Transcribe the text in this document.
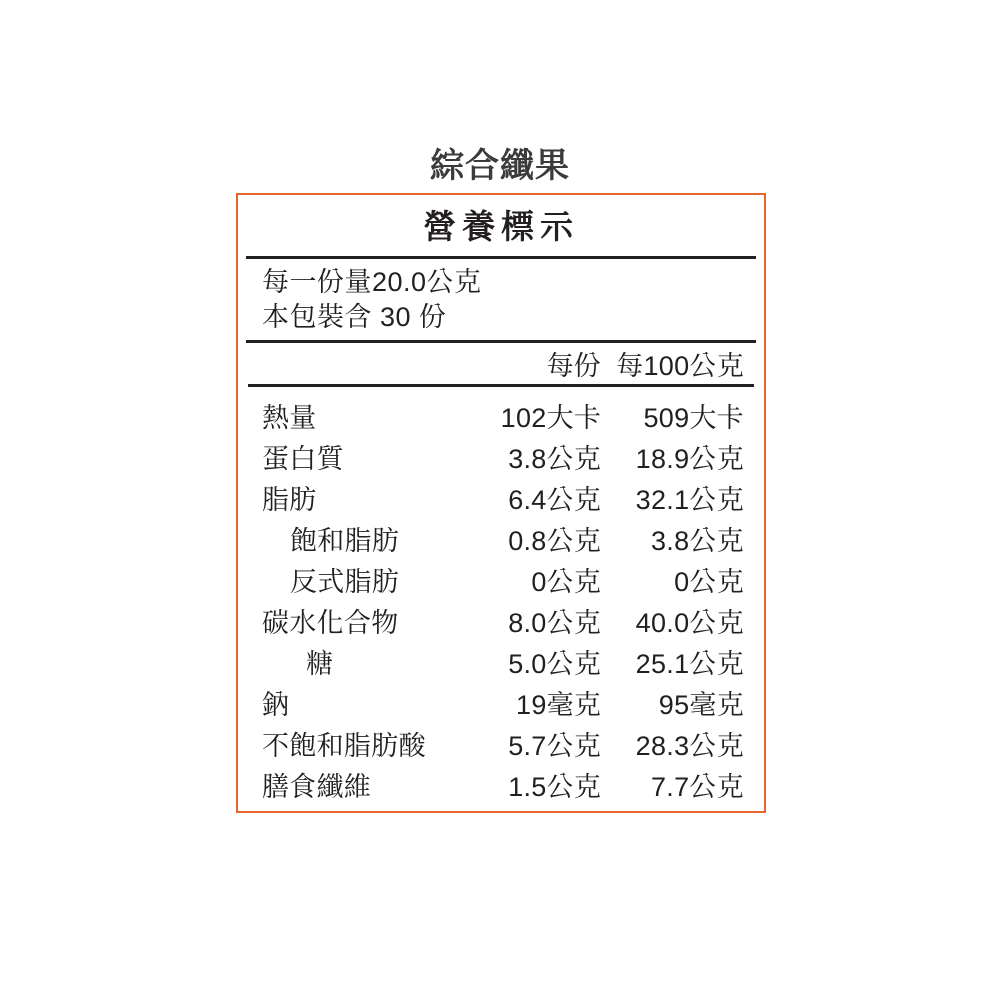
綜合纖果
營養標示
每一份量20.0公克
本包裝含 30 份
	每份	每100公克

熱量	102大卡	509大卡
蛋白質	3.8公克	18.9公克
脂肪	6.4公克	32.1公克
飽和脂肪	0.8公克	3.8公克
反式脂肪	0公克	0公克
碳水化合物	8.0公克	40.0公克
糖	5.0公克	25.1公克
鈉	19毫克	95毫克
不飽和脂肪酸	5.7公克	28.3公克
膳食纖維	1.5公克	7.7公克
